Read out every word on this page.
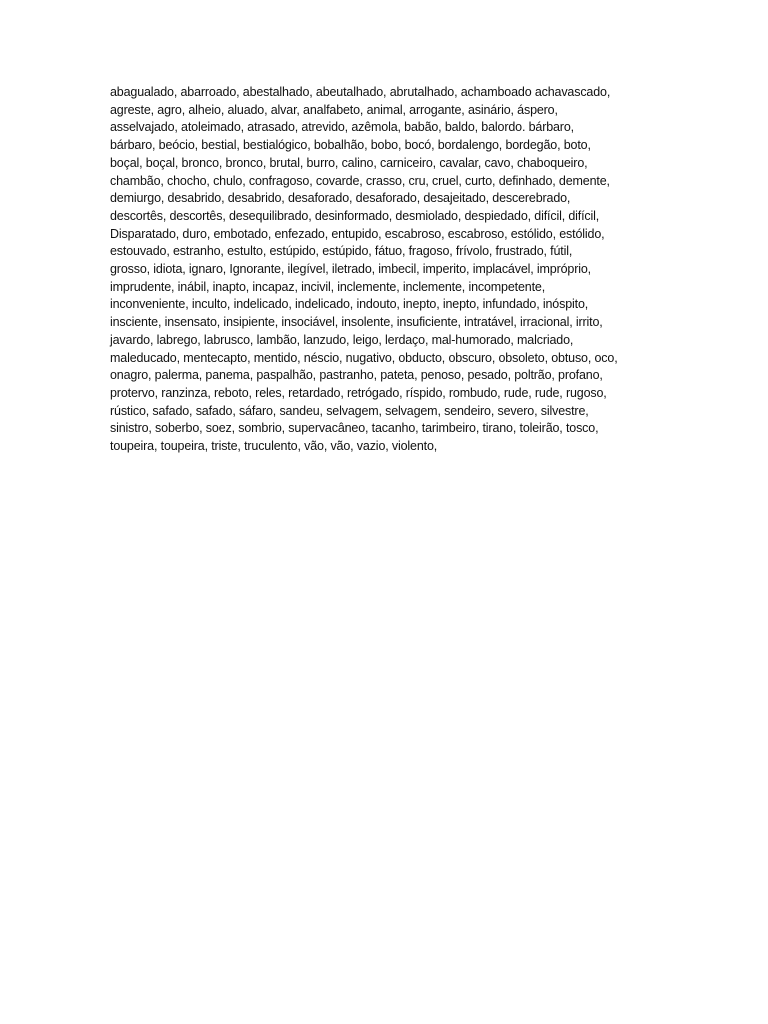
abagualado, abarroado, abestalhado, abeutalhado, abrutalhado, achamboado achavascado,
agreste, agro, alheio, aluado, alvar, analfabeto, animal, arrogante, asinário, áspero,
asselvajado, atoleimado, atrasado, atrevido, azêmola, babão, baldo, balordo. bárbaro,
bárbaro, beócio, bestial, bestialógico, bobalhão, bobo, bocó, bordalengo, bordegão, boto,
boçal, boçal, bronco, bronco, brutal, burro, calino, carniceiro, cavalar, cavo, chaboqueiro,
chambão, chocho, chulo, confragoso, covarde, crasso, cru, cruel, curto, definhado, demente,
demiurgo, desabrido, desabrido, desaforado, desaforado, desajeitado, descerebrado,
descortês, descortês, desequilibrado, desinformado, desmiolado, despiedado, difícil, difícil,
Disparatado, duro, embotado, enfezado, entupido, escabroso, escabroso, estólido, estólido,
estouvado, estranho, estulto, estúpido, estúpido, fátuo, fragoso, frívolo, frustrado, fútil,
grosso, idiota, ignaro, Ignorante, ilegível, iletrado, imbecil, imperito, implacável, impróprio,
imprudente, inábil, inapto, incapaz, incivil, inclemente, inclemente, incompetente,
inconveniente, inculto, indelicado, indelicado, indouto, inepto, inepto, infundado, inóspito,
insciente, insensato, insipiente, insociável, insolente, insuficiente, intratável, irracional, irrito,
javardo, labrego, labrusco, lambão, lanzudo, leigo, lerdaço, mal-humorado, malcriado,
maleducado, mentecapto, mentido, néscio, nugativo, obducto, obscuro, obsoleto, obtuso, oco,
onagro, palerma, panema, paspalhão, pastranho, pateta, penoso, pesado, poltrão, profano,
protervo, ranzinza, reboto, reles, retardado, retrógado, ríspido, rombudo, rude, rude, rugoso,
rústico, safado, safado, sáfaro, sandeu, selvagem, selvagem, sendeiro, severo, silvestre,
sinistro, soberbo, soez, sombrio, supervacâneo, tacanho, tarimbeiro, tirano, toleirão, tosco,
toupeira, toupeira, triste, truculento, vão, vão, vazio, violento,
